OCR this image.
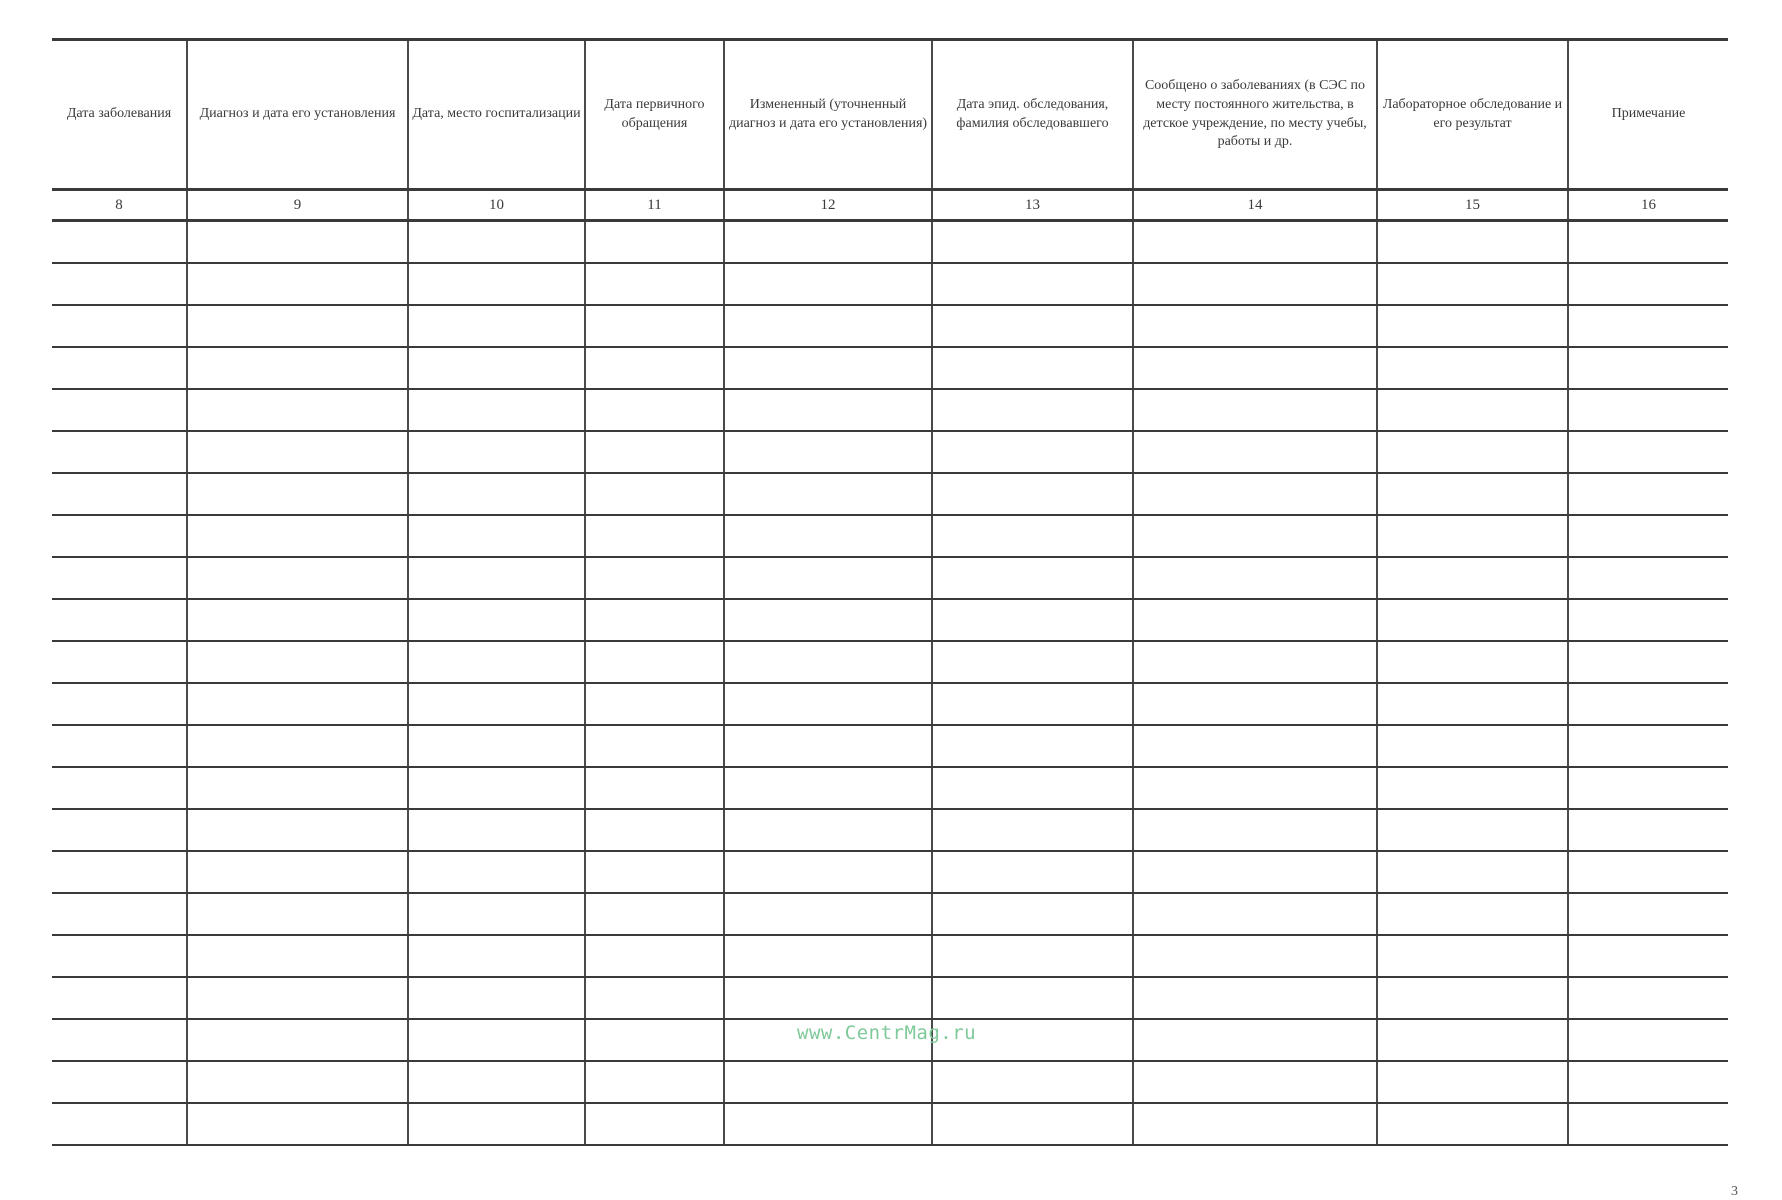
Дата заболевания	Диагноз и дата его установления	Дата, место госпитализации	Дата первичного обращения	Измененный (уточненный диагноз и дата его установления)	Дата эпид. обследования, фамилия обследовавшего	Сообщено о заболеваниях (в СЭС по месту постоянного жительства, в детское учреждение, по месту учебы, работы и др.	Лабораторное обследование и его результат	Примечание
8	9	10	11	12	13	14	15	16

www.CentrMag.ru
3
